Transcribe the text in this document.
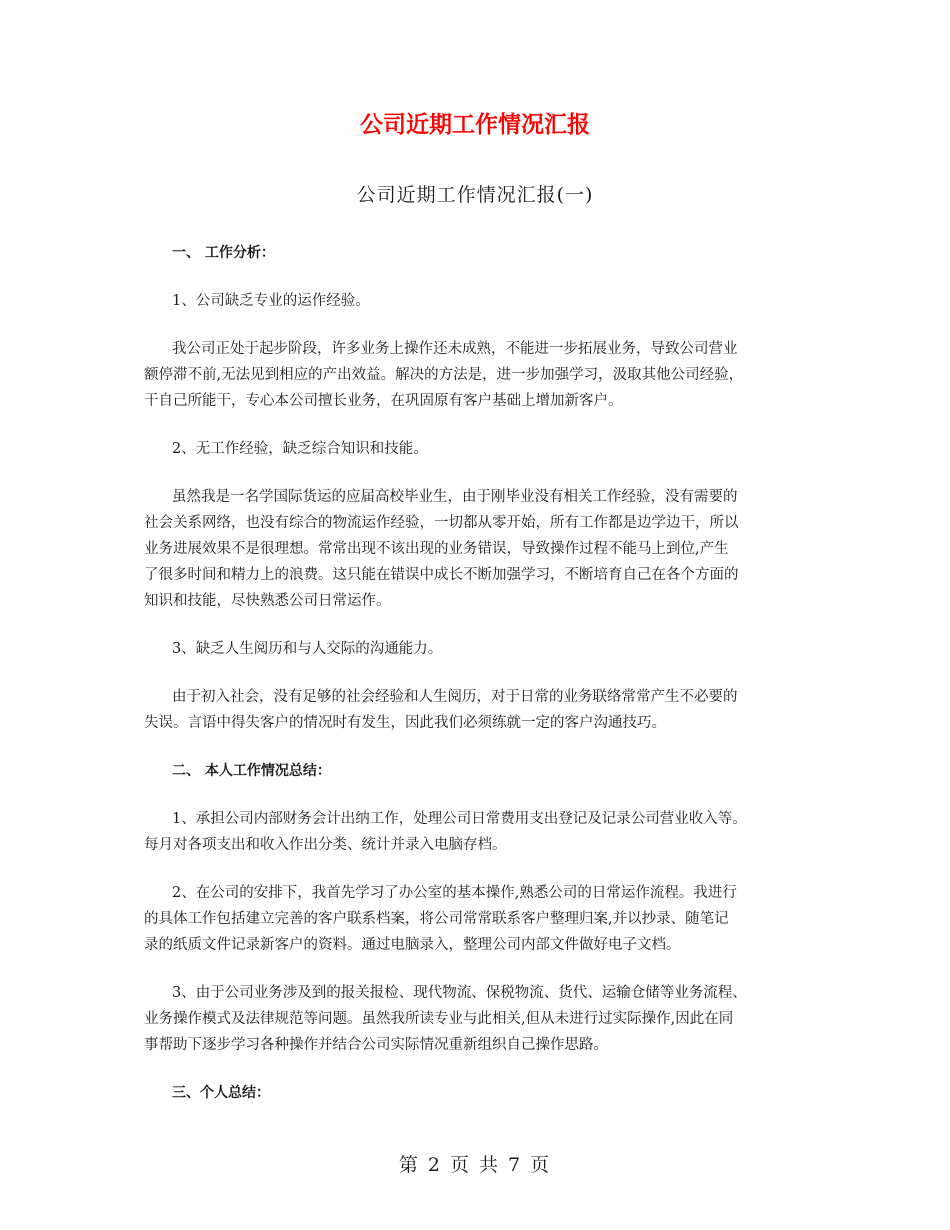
公司近期工作情况汇报
公司近期工作情况汇报(一)
一、 工作分析：
1、公司缺乏专业的运作经验。
我公司正处于起步阶段，许多业务上操作还未成熟，不能进一步拓展业务，导致公司营业
额停滞不前,无法见到相应的产出效益。解决的方法是，进一步加强学习，汲取其他公司经验，
干自己所能干，专心本公司擅长业务，在巩固原有客户基础上增加新客户。
2、无工作经验，缺乏综合知识和技能。
虽然我是一名学国际货运的应届高校毕业生，由于刚毕业没有相关工作经验，没有需要的
社会关系网络，也没有综合的物流运作经验，一切都从零开始，所有工作都是边学边干，所以
业务进展效果不是很理想。常常出现不该出现的业务错误，导致操作过程不能马上到位,产生
了很多时间和精力上的浪费。这只能在错误中成长不断加强学习，不断培育自己在各个方面的
知识和技能，尽快熟悉公司日常运作。
3、缺乏人生阅历和与人交际的沟通能力。
由于初入社会，没有足够的社会经验和人生阅历，对于日常的业务联络常常产生不必要的
失误。言语中得失客户的情况时有发生，因此我们必须练就一定的客户沟通技巧。
二、 本人工作情况总结：
1、承担公司内部财务会计出纳工作，处理公司日常费用支出登记及记录公司营业收入等。
每月对各项支出和收入作出分类、统计并录入电脑存档。
2、在公司的安排下，我首先学习了办公室的基本操作,熟悉公司的日常运作流程。我进行
的具体工作包括建立完善的客户联系档案，将公司常常联系客户整理归案,并以抄录、随笔记
录的纸质文件记录新客户的资料。通过电脑录入，整理公司内部文件做好电子文档。
3、由于公司业务涉及到的报关报检、现代物流、保税物流、货代、运输仓储等业务流程、
业务操作模式及法律规范等问题。虽然我所读专业与此相关,但从未进行过实际操作,因此在同
事帮助下逐步学习各种操作并结合公司实际情况重新组织自己操作思路。
三、个人总结：
第 2 页 共 7 页
